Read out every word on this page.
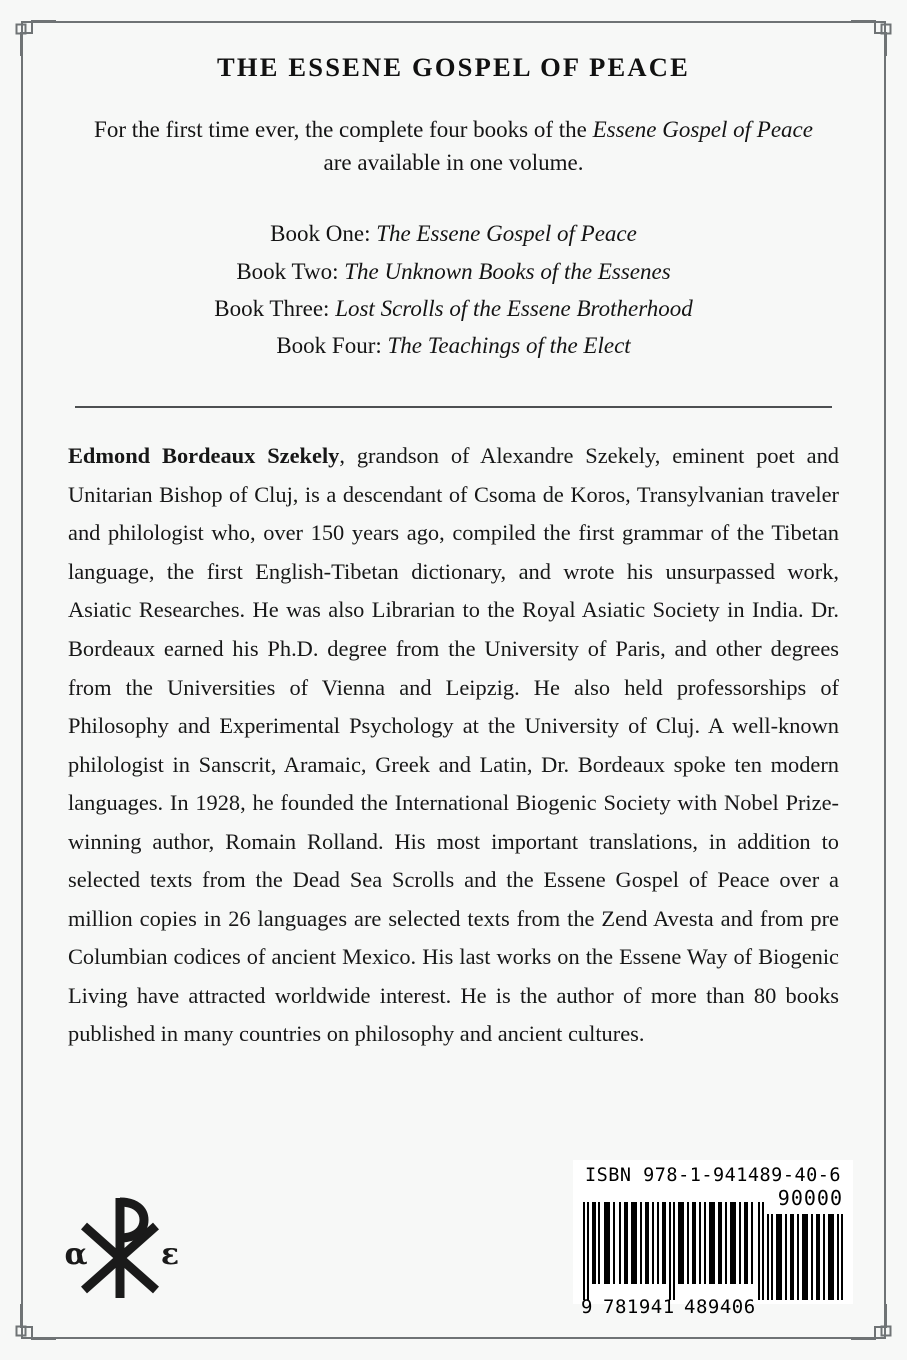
THE ESSENE GOSPEL OF PEACE

For the first time ever, the complete four books of the Essene Gospel of Peace
are available in one volume.

Book One: The Essene Gospel of Peace
Book Two: The Unknown Books of the Essenes
Book Three: Lost Scrolls of the Essene Brotherhood
Book Four: The Teachings of the Elect

Edmond Bordeaux Szekely, grandson of Alexandre Szekely, eminent poet and Unitarian Bishop of Cluj, is a descendant of Csoma de Koros, Transylvanian traveler and philologist who, over 150 years ago, compiled the first grammar of the Tibetan language, the first English-Tibetan dictionary, and wrote his unsurpassed work, Asiatic Researches. He was also Librarian to the Royal Asiatic Society in India. Dr. Bordeaux earned his Ph.D. degree from the University of Paris, and other degrees from the Universities of Vienna and Leipzig. He also held professorships of Philosophy and Experimental Psychology at the University of Cluj. A well-known philologist in Sanscrit, Aramaic, Greek and Latin, Dr. Bordeaux spoke ten modern languages. In 1928, he founded the International Biogenic Society with Nobel Prize-winning author, Romain Rolland. His most important translations, in addition to selected texts from the Dead Sea Scrolls and the Essene Gospel of Peace over a million copies in 26 languages are selected texts from the Zend Avesta and from pre Columbian codices of ancient Mexico. His last works on the Essene Way of Biogenic Living have attracted worldwide interest. He is the author of more than 80 books published in many countries on philosophy and ancient cultures.

α ε
ISBN 978-1-941489-40-6
90000
9 781941 489406
